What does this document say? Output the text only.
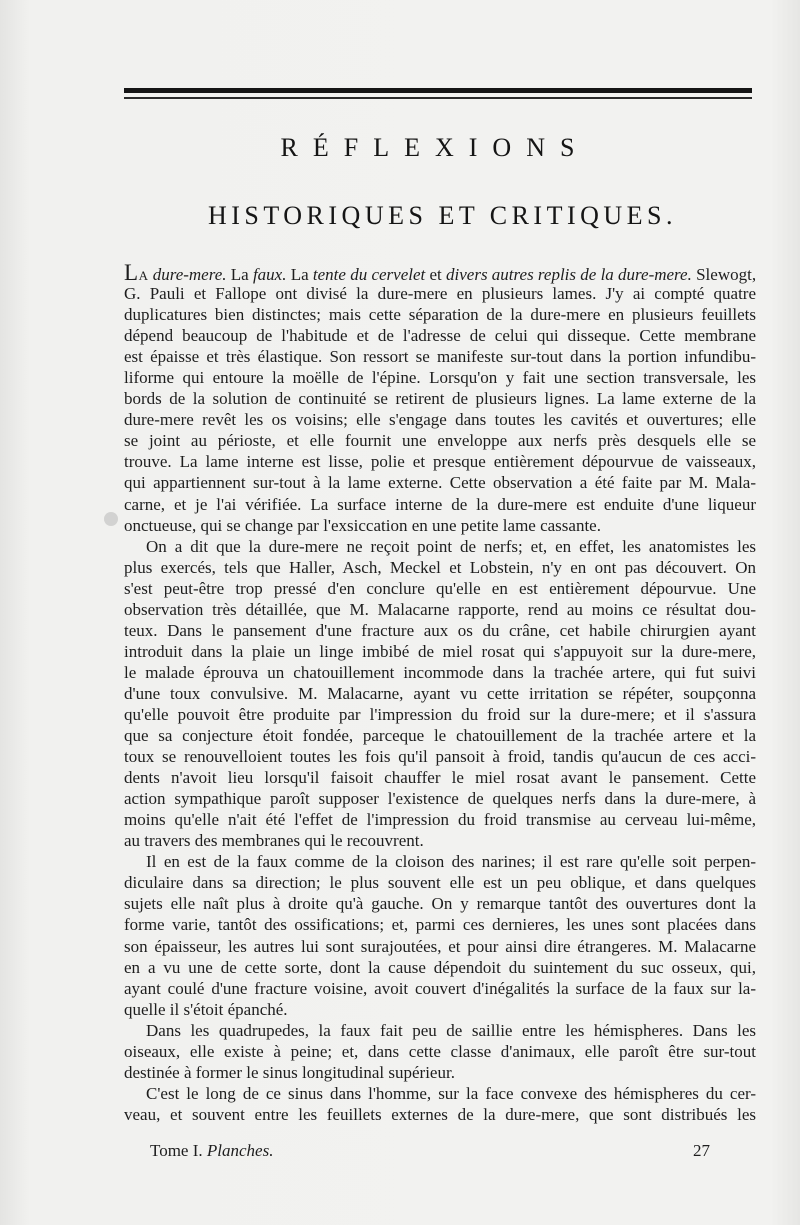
RÉFLEXIONS
HISTORIQUES ET CRITIQUES.
LA dure-mere. La faux. La tente du cervelet et divers autres replis de la dure-mere. Slewogt,
G. Pauli et Fallope ont divisé la dure-mere en plusieurs lames. J'y ai compté quatre
duplicatures bien distinctes; mais cette séparation de la dure-mere en plusieurs feuillets
dépend beaucoup de l'habitude et de l'adresse de celui qui disseque. Cette membrane
est épaisse et très élastique. Son ressort se manifeste sur-tout dans la portion infundibu-
liforme qui entoure la moëlle de l'épine. Lorsqu'on y fait une section transversale, les
bords de la solution de continuité se retirent de plusieurs lignes. La lame externe de la
dure-mere revêt les os voisins; elle s'engage dans toutes les cavités et ouvertures; elle
se joint au périoste, et elle fournit une enveloppe aux nerfs près desquels elle se
trouve. La lame interne est lisse, polie et presque entièrement dépourvue de vaisseaux,
qui appartiennent sur-tout à la lame externe. Cette observation a été faite par M. Mala-
carne, et je l'ai vérifiée. La surface interne de la dure-mere est enduite d'une liqueur
onctueuse, qui se change par l'exsiccation en une petite lame cassante.
On a dit que la dure-mere ne reçoit point de nerfs; et, en effet, les anatomistes les
plus exercés, tels que Haller, Asch, Meckel et Lobstein, n'y en ont pas découvert. On
s'est peut-être trop pressé d'en conclure qu'elle en est entièrement dépourvue. Une
observation très détaillée, que M. Malacarne rapporte, rend au moins ce résultat dou-
teux. Dans le pansement d'une fracture aux os du crâne, cet habile chirurgien ayant
introduit dans la plaie un linge imbibé de miel rosat qui s'appuyoit sur la dure-mere,
le malade éprouva un chatouillement incommode dans la trachée artere, qui fut suivi
d'une toux convulsive. M. Malacarne, ayant vu cette irritation se répéter, soupçonna
qu'elle pouvoit être produite par l'impression du froid sur la dure-mere; et il s'assura
que sa conjecture étoit fondée, parceque le chatouillement de la trachée artere et la
toux se renouvelloient toutes les fois qu'il pansoit à froid, tandis qu'aucun de ces acci-
dents n'avoit lieu lorsqu'il faisoit chauffer le miel rosat avant le pansement. Cette
action sympathique paroît supposer l'existence de quelques nerfs dans la dure-mere, à
moins qu'elle n'ait été l'effet de l'impression du froid transmise au cerveau lui-même,
au travers des membranes qui le recouvrent.
Il en est de la faux comme de la cloison des narines; il est rare qu'elle soit perpen-
diculaire dans sa direction; le plus souvent elle est un peu oblique, et dans quelques
sujets elle naît plus à droite qu'à gauche. On y remarque tantôt des ouvertures dont la
forme varie, tantôt des ossifications; et, parmi ces dernieres, les unes sont placées dans
son épaisseur, les autres lui sont surajoutées, et pour ainsi dire étrangeres. M. Malacarne
en a vu une de cette sorte, dont la cause dépendoit du suintement du suc osseux, qui,
ayant coulé d'une fracture voisine, avoit couvert d'inégalités la surface de la faux sur la-
quelle il s'étoit épanché.
Dans les quadrupedes, la faux fait peu de saillie entre les hémispheres. Dans les
oiseaux, elle existe à peine; et, dans cette classe d'animaux, elle paroît être sur-tout
destinée à former le sinus longitudinal supérieur.
C'est le long de ce sinus dans l'homme, sur la face convexe des hémispheres du cer-
veau, et souvent entre les feuillets externes de la dure-mere, que sont distribués les
Tome I. Planches.	27
